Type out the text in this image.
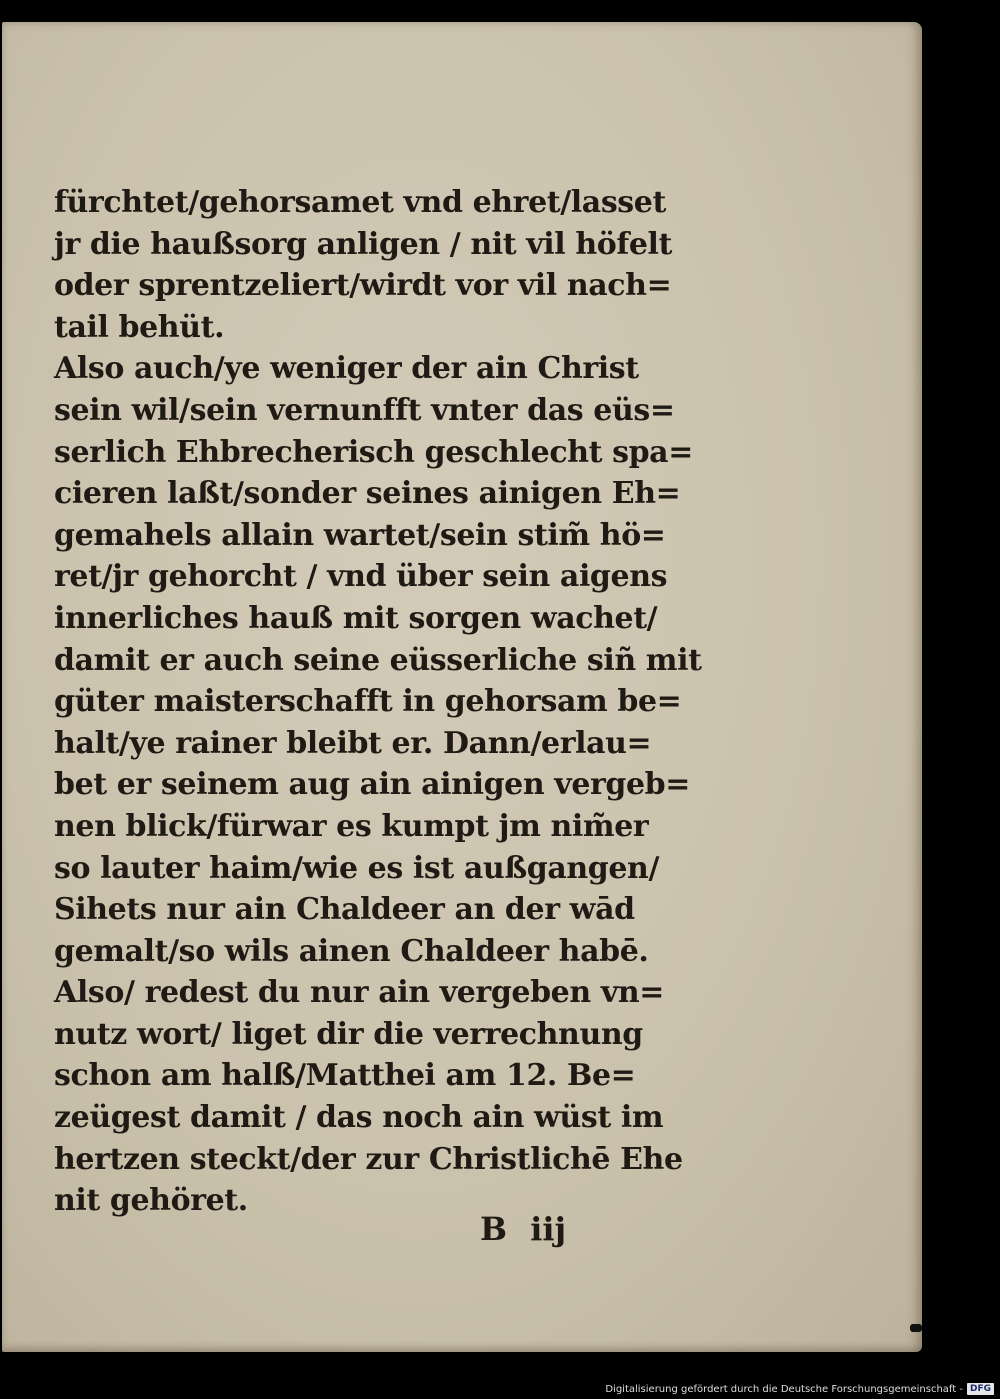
fürchtet/gehorsamet vnd ehret/lasset
jr die haußsorg anligen / nit vil höfelt
oder sprentzeliert/wirdt vor vil nach=
tail behüt.
Also auch/ye weniger der ain Christ
sein wil/sein vernunfft vnter das eüs=
serlich Ehbrecherisch geschlecht spa=
cieren laßt/sonder seines ainigen Eh=
gemahels allain wartet/sein stim̃ hö=
ret/jr gehorcht / vnd über sein aigens
innerliches hauß mit sorgen wachet/
damit er auch seine eüsserliche siñ mit
güter maisterschafft in gehorsam be=
halt/ye rainer bleibt er. Dann/erlau=
bet er seinem aug ain ainigen vergeb=
nen blick/fürwar es kumpt jm nim̃er
so lauter haim/wie es ist außgangen/
Sihets nur ain Chaldeer an der wād
gemalt/so wils ainen Chaldeer habē.
Also/ redest du nur ain vergeben vn=
nutz wort/ liget dir die verrechnung
schon am halß/Matthei am 12. Be=
zeügest damit / das noch ain wüst im
hertzen steckt/der zur Christlichē Ehe
nit gehöret.
B iij
Digitalisierung gefördert durch die Deutsche Forschungsgemeinschaft - DFG
